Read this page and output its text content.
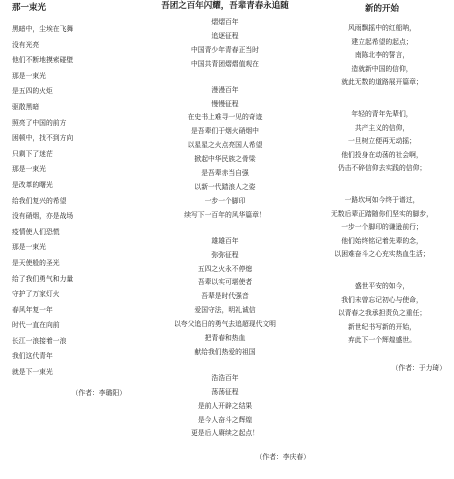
那一束光
黑暗中，尘埃在飞舞
没有光亮
他们不断地摸索碰壁
那是一束光
是五四的火炬
驱散黑暗
照亮了中国的前方
困顿中，找不到方向
只剩下了迷茫
那是一束光
是改革的曙光
给我们复兴的希望
没有硝烟，亦是战场
疫情使人们恐慌
那是一束光
是天使般的圣光
给了我们勇气和力量
守护了万家灯火
春风年复一年
时代一直在向前
长江一浪接着一浪
我们这代青年
就是下一束光
（作者：李璐阳）
吾团之百年闪耀，吾辈青春永追随
熠熠百年
追逐征程
中国青少年青春正当时
中国共青团熠熠值观在
漫漫百年
慢慢征程
在史书上难寻一见的奇迹
是吾辈们于烟火硝烟中
以星星之火点亮国人希望
掀起中华民族之骨梁
是吾辈赤当自强
以新一代踏浪人之姿
一步一个脚印
续写下一百年的风华篇章！
雄雄百年
弥弥征程
五四之火永不停熄
吾辈以实可堪使者
吾辈是时代强音
爱国守法，明礼诚信
以夸父追日的勇气去追超现代文明
把青春和热血
献给我们热爱的祖国
浩浩百年
荡荡征程
是前人开辟之结果
是今人奋斗之辉煌
更是后人赓续之起点！
（作者：李庆春）
新的开始
风雨飘摇中的红船呐，
建立起希望的起点；
南陈北李的誓言，
造就新中国的信仰，
就此无数的道路展开篇章；
年轻的青年先辈们，
共产主义的信仰，
一旦树立便再无动摇；
他们投身在动荡的社会啊，
仍击不碎信仰去实践的信仰；
一路坎坷如今终于谱过，
无数后辈正踏随你们坚实的脚步，
一步一个脚印的谦逊前行；
他们始终铭记着先辈的念，
以困难奋斗之心充实热血生活；
盛世平安的如今，
我们未曾忘记初心与使命，
以青春之我承担责负之重任；
新世纪书写新的开始，
弃此下一个辉煌盛世。
（作者：于力琦）
